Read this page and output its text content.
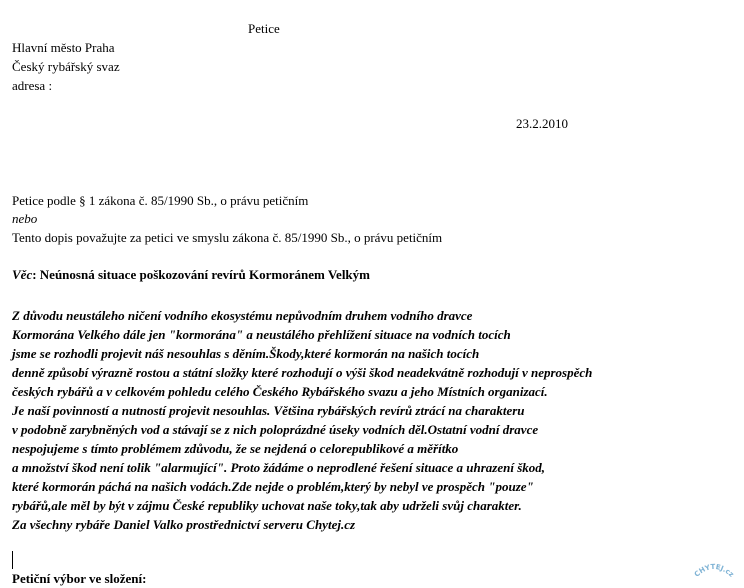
Petice
Hlavní město Praha
Český rybářský svaz
adresa :
23.2.2010
Petice podle § 1 zákona č. 85/1990 Sb., o právu petičním
nebo
Tento dopis považujte za petici ve smyslu zákona č. 85/1990 Sb., o právu petičním
Věc: Neúnosná situace poškozování revírů Kormoránem Velkým
Z důvodu neustáleho ničení vodního ekosystému nepůvodním druhem vodního dravce
Kormorána Velkého dále jen "kormorána" a neustálého přehlížení situace na vodních tocích
jsme se rozhodli projevit náš nesouhlas s děním.Škody,které kormorán na našich tocích
denně způsobí výrazně rostou a státní složky které rozhodují o výši škod neadekvátně rozhodují v neprospěch
českých rybářů a v celkovém pohledu celého Českého Rybářského svazu a jeho Místních organizací.
Je naší povinností a nutností projevit nesouhlas. Většina rybářských revírů ztrácí na charakteru
v podobně zarybněných vod a stávají se z nich poloprázdné úseky vodních děl.Ostatní vodní dravce
nespojujeme s tímto problémem zdůvodu, že se nejdená o celorepublikové a měřítko
a množství škod není tolik "alarmující". Proto žádáme o neprodlené řešení situace a uhrazení škod,
které kormorán páchá na našich vodách.Zde nejde o problém,který by nebyl ve prospěch "pouze"
rybářů,ale měl by být v zájmu České republiky uchovat naše toky,tak aby udrželi svůj charakter.
Za všechny rybáře Daniel Valko prostřednictví serveru Chytej.cz
Petiční výbor ve složení:	CHYTEJ.cz
